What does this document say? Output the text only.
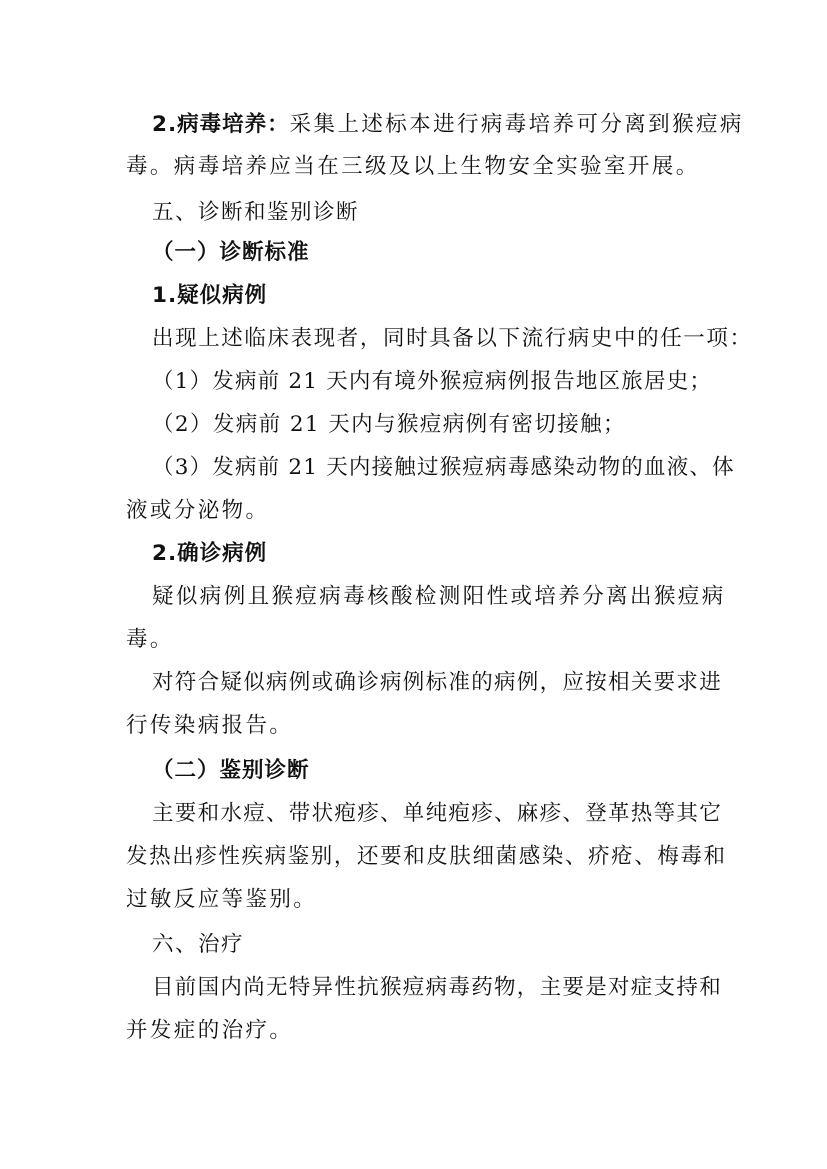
2.病毒培养：采集上述标本进行病毒培养可分离到猴痘病
毒。病毒培养应当在三级及以上生物安全实验室开展。
五、诊断和鉴别诊断
（一）诊断标准
1.疑似病例
出现上述临床表现者，同时具备以下流行病史中的任一项：
（1）发病前 21 天内有境外猴痘病例报告地区旅居史；
（2）发病前 21 天内与猴痘病例有密切接触；
（3）发病前 21 天内接触过猴痘病毒感染动物的血液、体
液或分泌物。
2.确诊病例
疑似病例且猴痘病毒核酸检测阳性或培养分离出猴痘病
毒。
对符合疑似病例或确诊病例标准的病例，应按相关要求进
行传染病报告。
（二）鉴别诊断
主要和水痘、带状疱疹、单纯疱疹、麻疹、登革热等其它
发热出疹性疾病鉴别，还要和皮肤细菌感染、疥疮、梅毒和
过敏反应等鉴别。
六、治疗
目前国内尚无特异性抗猴痘病毒药物，主要是对症支持和
并发症的治疗。
